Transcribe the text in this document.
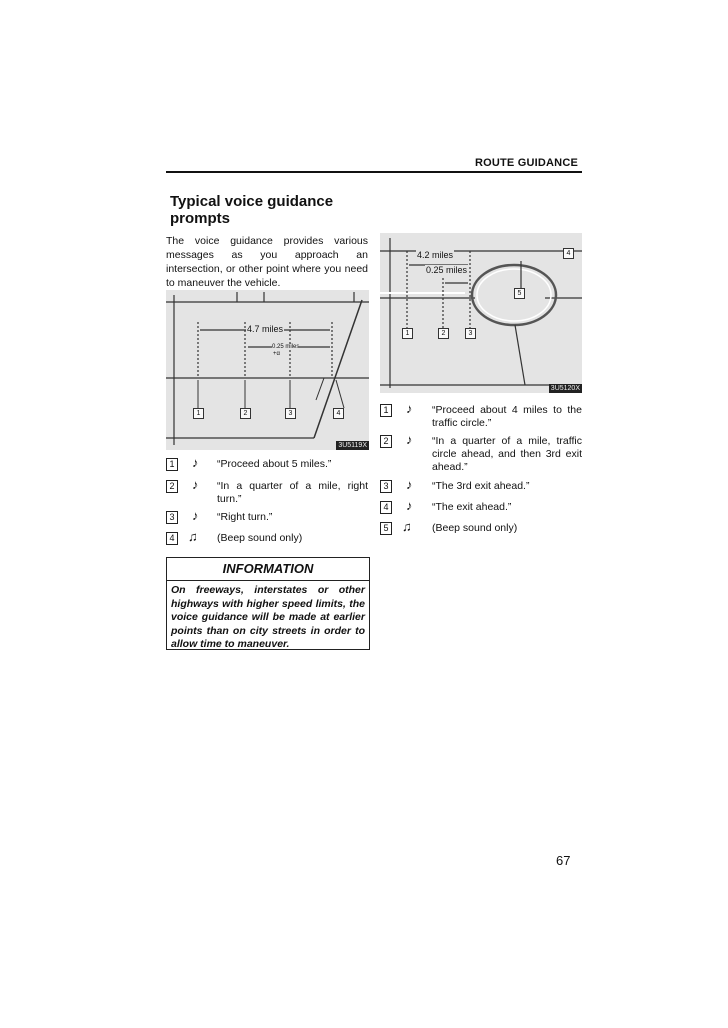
ROUTE GUIDANCE
Typical voice guidance prompts
The voice guidance provides various messages as you approach an intersection, or other point where you need to maneuver the vehicle.
4.7 miles
0.25 miles
+α
1	2	3	4
3U5119X
4.2 miles
0.25 miles
1	2	3
4
5
3U5120X
1 ♪ “Proceed about 5 miles.”
2 ♪ “In a quarter of a mile, right turn.”
3 ♪ “Right turn.”
4 ♫ (Beep sound only)
INFORMATION
On freeways, interstates or other highways with higher speed limits, the voice guidance will be made at earlier points than on city streets in order to allow time to maneuver.
1 ♪ “Proceed about 4 miles to the traffic circle.”
2 ♪ “In a quarter of a mile, traffic circle ahead, and then 3rd exit ahead.”
3 ♪ “The 3rd exit ahead.”
4 ♪ “The exit ahead.”
5 ♫ (Beep sound only)
67
